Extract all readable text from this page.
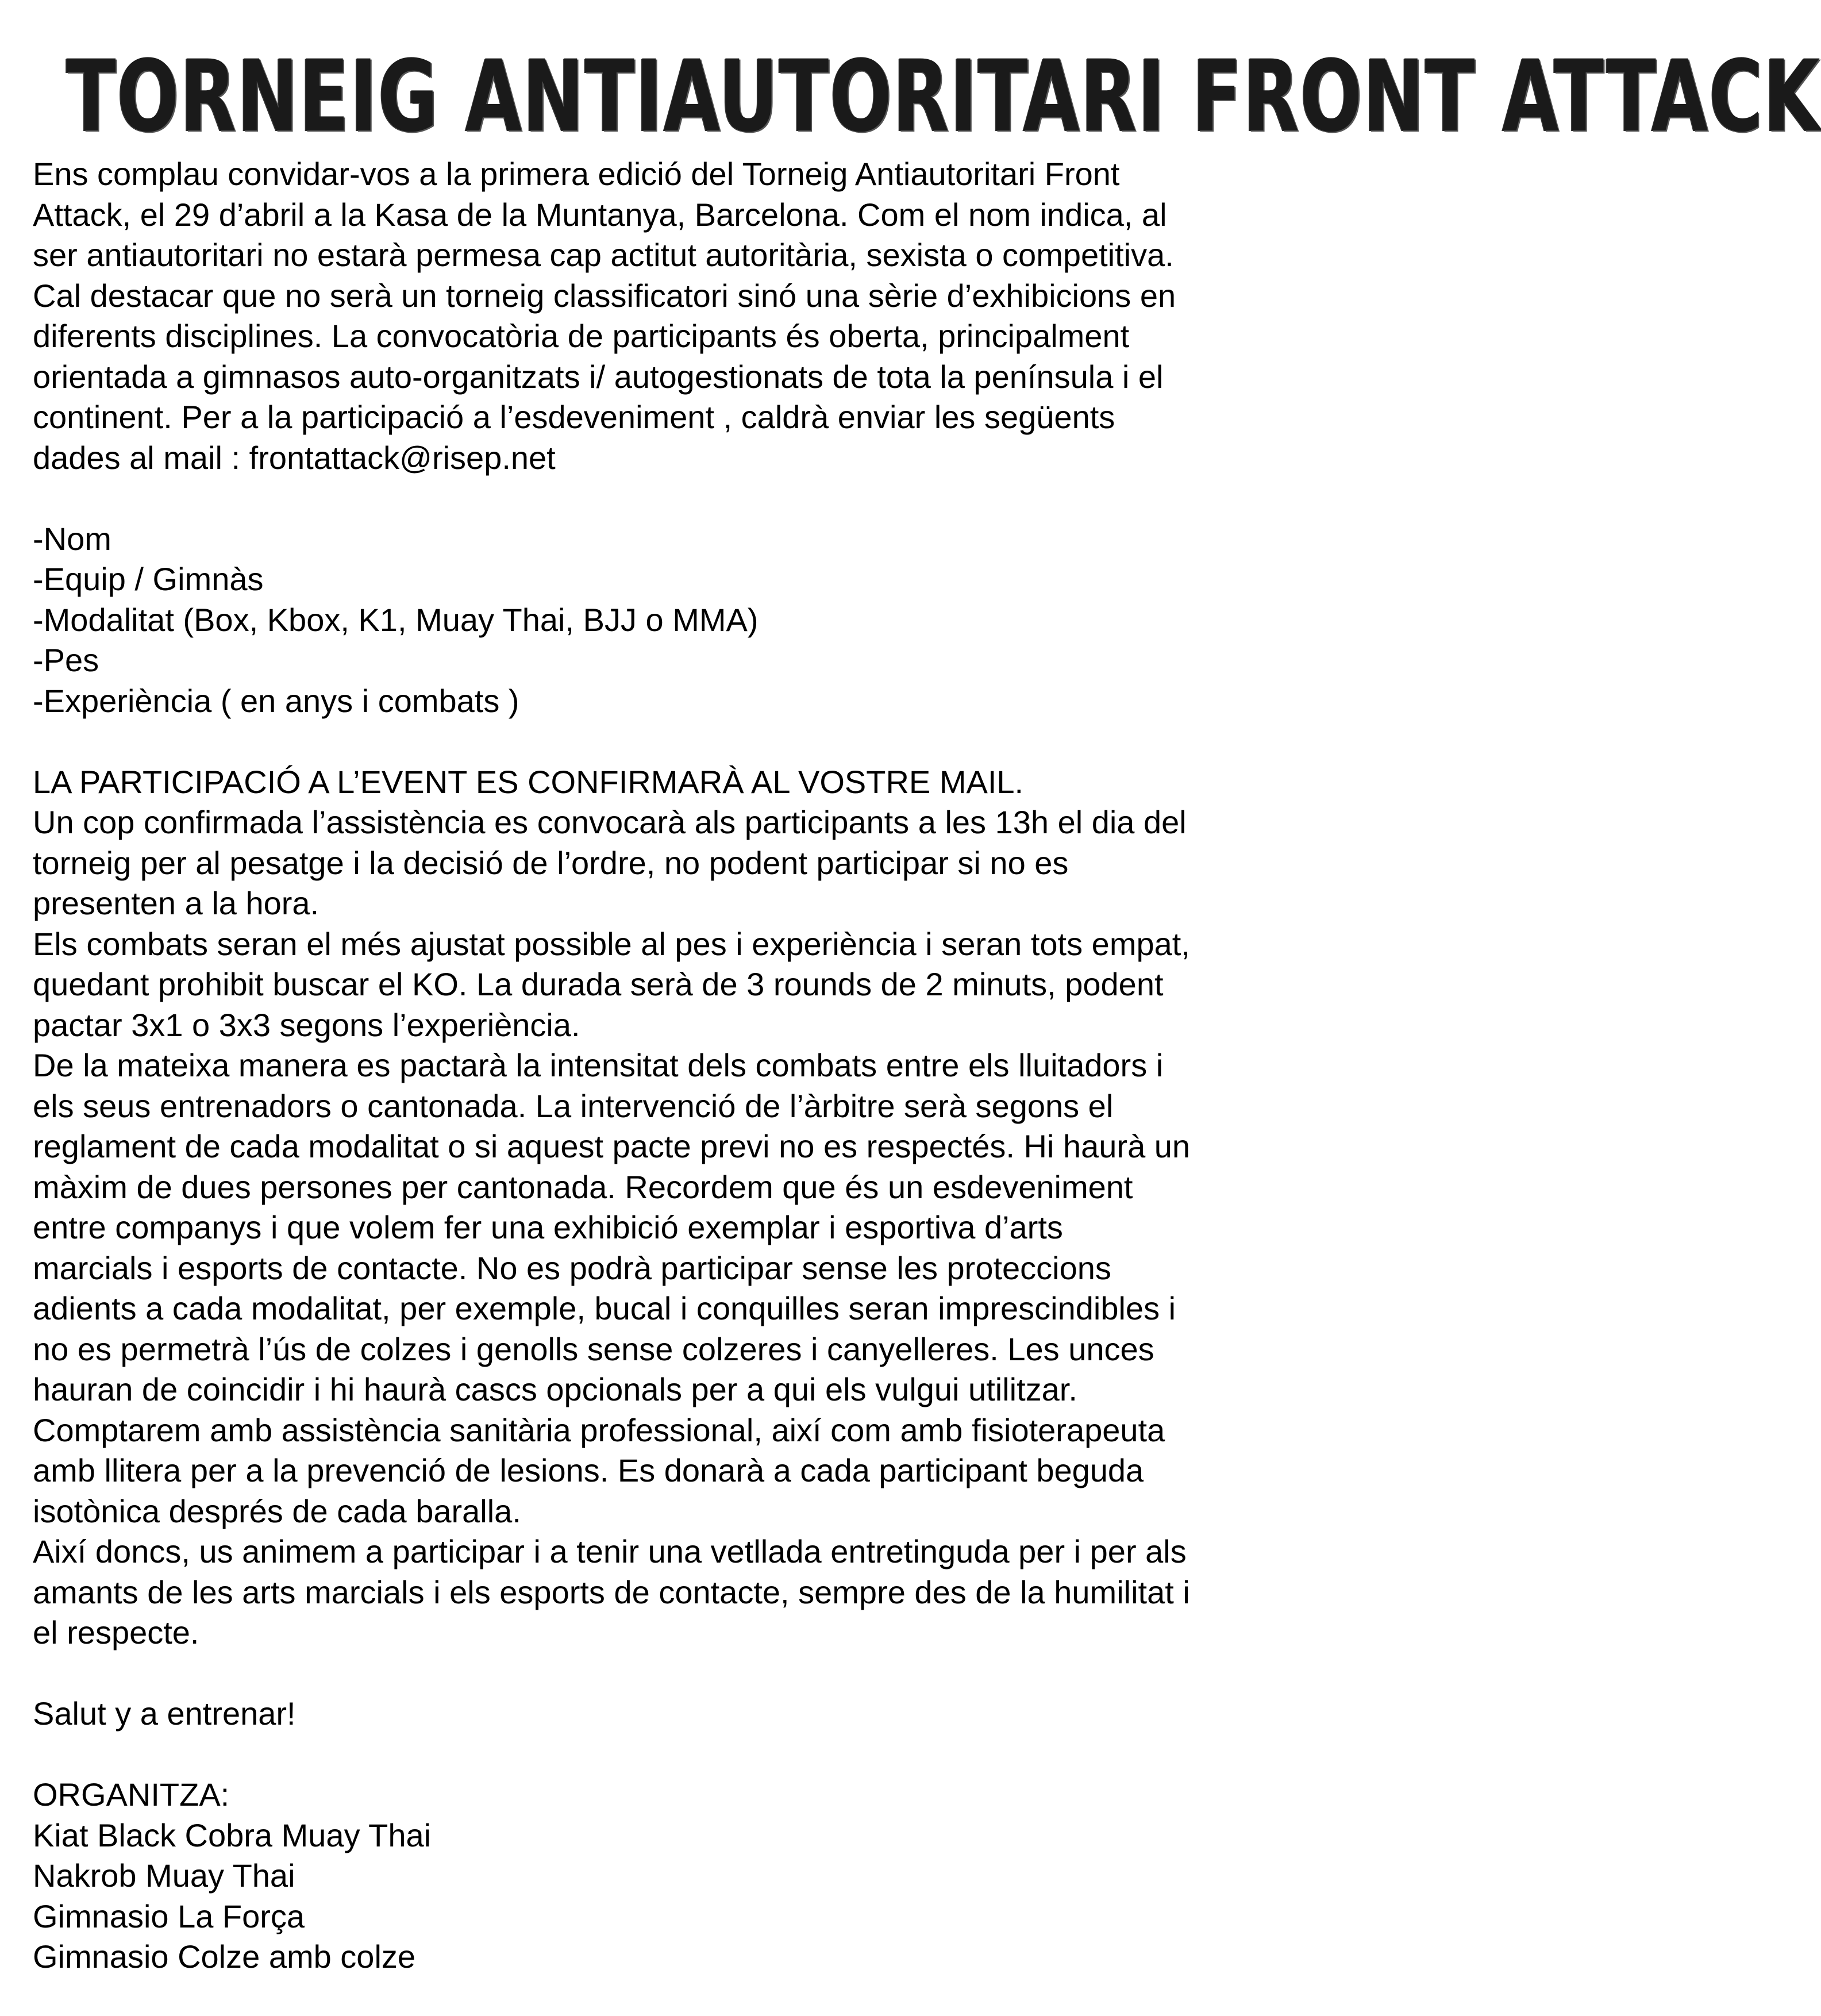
TORNEIG ANTIAUTORITARI FRONT ATTACK

Ens complau convidar-vos a la primera edició del Torneig Antiautoritari Front

Attack, el 29 d’abril a la Kasa de la Muntanya, Barcelona. Com el nom indica, al

ser antiautoritari no estarà permesa cap actitut autoritària, sexista o competitiva.

Cal destacar que no serà un torneig classificatori sinó una sèrie d’exhibicions en

diferents disciplines. La convocatòria de participants és oberta, principalment

orientada a gimnasos auto-organitzats i/ autogestionats de tota la península i el

continent. Per a la participació a l’esdeveniment , caldrà enviar les següents

dades al mail : frontattack@risep.net

-Nom

-Equip / Gimnàs

-Modalitat (Box, Kbox, K1, Muay Thai, BJJ o MMA)

-Pes

-Experiència ( en anys i combats )

LA PARTICIPACIÓ A L’EVENT ES CONFIRMARÀ AL VOSTRE MAIL.

Un cop confirmada l’assistència es convocarà als participants a les 13h el dia del

torneig per al pesatge i la decisió de l’ordre, no podent participar si no es

presenten a la hora.

Els combats seran el més ajustat possible al pes i experiència i seran tots empat,

quedant prohibit buscar el KO. La durada serà de 3 rounds de 2 minuts, podent

pactar 3x1 o 3x3 segons l’experiència.

De la mateixa manera es pactarà la intensitat dels combats entre els lluitadors i

els seus entrenadors o cantonada. La intervenció de l’àrbitre serà segons el

reglament de cada modalitat o si aquest pacte previ no es respectés. Hi haurà un

màxim de dues persones per cantonada. Recordem que és un esdeveniment

entre companys i que volem fer una exhibició exemplar i esportiva d’arts

marcials i esports de contacte. No es podrà participar sense les proteccions

adients a cada modalitat, per exemple, bucal i conquilles seran imprescindibles i

no es permetrà l’ús de colzes i genolls sense colzeres i canyelleres. Les unces

hauran de coincidir i hi haurà cascs opcionals per a qui els vulgui utilitzar.

Comptarem amb assistència sanitària professional, així com amb fisioterapeuta

amb llitera per a la prevenció de lesions. Es donarà a cada participant beguda

isotònica després de cada baralla.

Així doncs, us animem a participar i a tenir una vetllada entretinguda per i per als

amants de les arts marcials i els esports de contacte, sempre des de la humilitat i

el respecte.

Salut y a entrenar!

ORGANITZA:

Kiat Black Cobra Muay Thai

Nakrob Muay Thai

Gimnasio La Força

Gimnasio Colze amb colze
